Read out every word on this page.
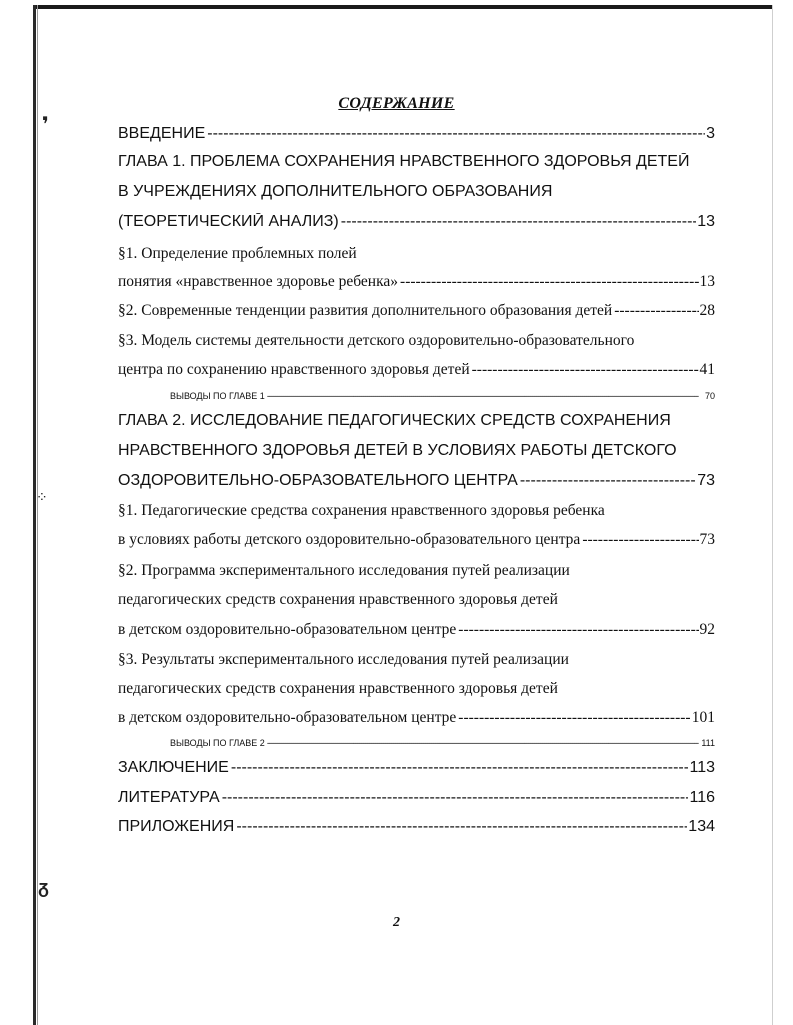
❜
⁘
ᵹ
СОДЕРЖАНИЕ
ВВЕДЕНИЕ -----	3
ГЛАВА 1. ПРОБЛЕМА СОХРАНЕНИЯ НРАВСТВЕННОГО ЗДОРОВЬЯ ДЕТЕЙ
В УЧРЕЖДЕНИЯХ ДОПОЛНИТЕЛЬНОГО ОБРАЗОВАНИЯ
(ТЕОРЕТИЧЕСКИЙ АНАЛИЗ) -----	13
§1. Определение проблемных полей
понятия «нравственное здоровье ребенка» -----	13
§2. Современные тенденции развития дополнительного образования детей -----	28
§3. Модель системы деятельности детского оздоровительно-образовательного
центра по сохранению нравственного здоровья детей -----	41
ВЫВОДЫ ПО ГЛАВЕ 1 -----	70
ГЛАВА 2. ИССЛЕДОВАНИЕ ПЕДАГОГИЧЕСКИХ СРЕДСТВ СОХРАНЕНИЯ
НРАВСТВЕННОГО ЗДОРОВЬЯ ДЕТЕЙ В УСЛОВИЯХ РАБОТЫ ДЕТСКОГО
ОЗДОРОВИТЕЛЬНО-ОБРАЗОВАТЕЛЬНОГО ЦЕНТРА -----	73
§1. Педагогические средства сохранения нравственного здоровья ребенка
в условиях работы детского оздоровительно-образовательного центра -----	73
§2. Программа экспериментального исследования путей реализации
педагогических средств сохранения нравственного здоровья детей
в детском оздоровительно-образовательном центре -----	92
§3. Результаты экспериментального исследования путей реализации
педагогических средств сохранения нравственного здоровья детей
в детском оздоровительно-образовательном центре -----	101
ВЫВОДЫ ПО ГЛАВЕ 2 -----	111
ЗАКЛЮЧЕНИЕ -----	113
ЛИТЕРАТУРА -----	116
ПРИЛОЖЕНИЯ -----	134
2
